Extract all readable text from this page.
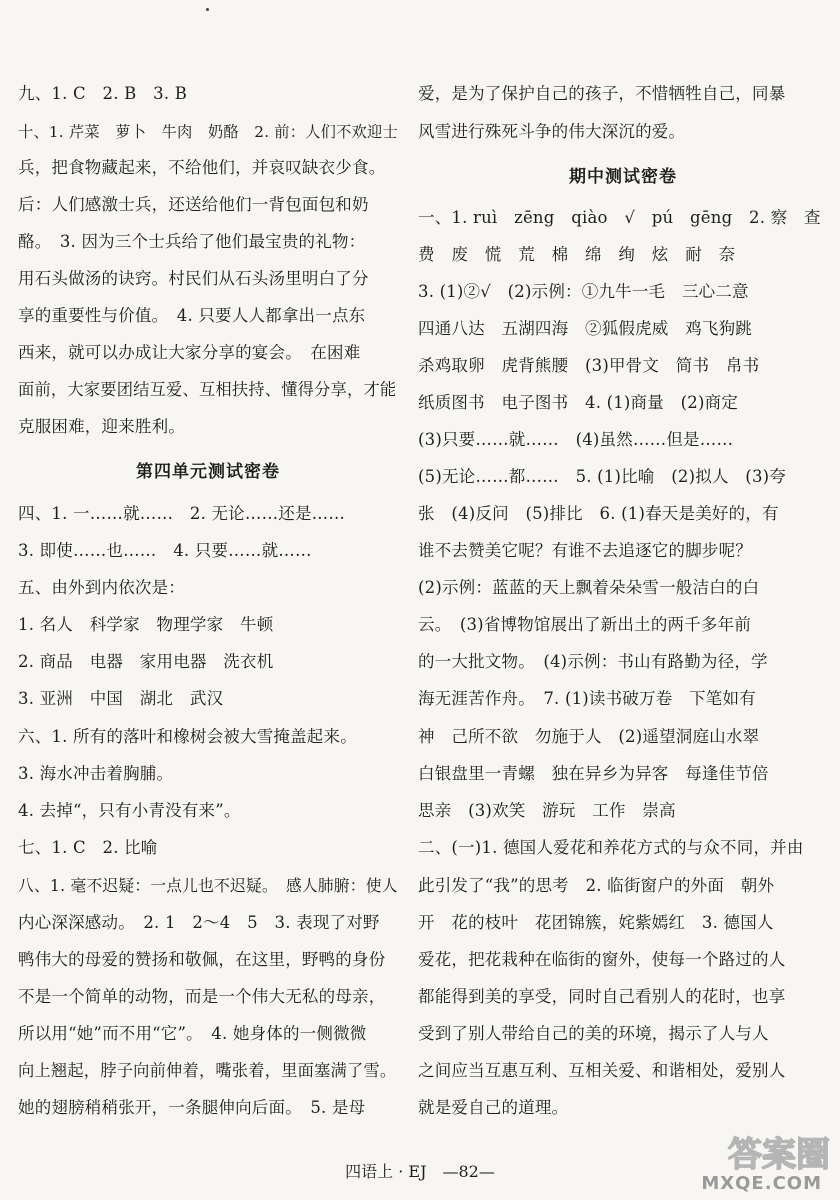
九、1. C　2. B　3. B
十、1. 芹菜　萝卜　牛肉　奶酪　2. 前：人们不欢迎士
兵，把食物藏起来，不给他们，并哀叹缺衣少食。
后：人们感激士兵，还送给他们一背包面包和奶
酪。　3. 因为三个士兵给了他们最宝贵的礼物：
用石头做汤的诀窍。村民们从石头汤里明白了分
享的重要性与价值。　4. 只要人人都拿出一点东
西来，就可以办成让大家分享的宴会。　在困难
面前，大家要团结互爱、互相扶持、懂得分享，才能
克服困难，迎来胜利。
第四单元测试密卷
四、1. 一……就……　2. 无论……还是……
3. 即使……也……　4. 只要……就……
五、由外到内依次是：
1. 名人　科学家　物理学家　牛顿
2. 商品　电器　家用电器　洗衣机
3. 亚洲　中国　湖北　武汉
六、1. 所有的落叶和橡树会被大雪掩盖起来。
3. 海水冲击着胸脯。
4. 去掉“，只有小青没有来”。
七、1. C　2. 比喻
八、1. 毫不迟疑：一点儿也不迟疑。　感人肺腑：使人
内心深深感动。　2. 1　2～4　5　3. 表现了对野
鸭伟大的母爱的赞扬和敬佩，在这里，野鸭的身份
不是一个简单的动物，而是一个伟大无私的母亲，
所以用“她”而不用“它”。　4. 她身体的一侧微微
向上翘起，脖子向前伸着，嘴张着，里面塞满了雪。
她的翅膀稍稍张开，一条腿伸向后面。　5. 是母
爱，是为了保护自己的孩子，不惜牺牲自己，同暴
风雪进行殊死斗争的伟大深沉的爱。
期中测试密卷
一、1. ruì　zēng　qiào　√　pú　gēng　2. 察　查
费　废　慌　荒　棉　绵　绚　炫　耐　奈
3. (1)②√　(2)示例：①九牛一毛　三心二意
四通八达　五湖四海　②狐假虎威　鸡飞狗跳
杀鸡取卵　虎背熊腰　(3)甲骨文　简书　帛书
纸质图书　电子图书　4. (1)商量　(2)商定
(3)只要……就……　(4)虽然……但是……
(5)无论……都……　5. (1)比喻　(2)拟人　(3)夸
张　(4)反问　(5)排比　6. (1)春天是美好的，有
谁不去赞美它呢？有谁不去追逐它的脚步呢？
(2)示例：蓝蓝的天上飘着朵朵雪一般洁白的白
云。　(3)省博物馆展出了新出土的两千多年前
的一大批文物。　(4)示例：书山有路勤为径，学
海无涯苦作舟。　7. (1)读书破万卷　下笔如有
神　己所不欲　勿施于人　(2)遥望洞庭山水翠
白银盘里一青螺　独在异乡为异客　每逢佳节倍
思亲　(3)欢笑　游玩　工作　崇高
二、(一)1. 德国人爱花和养花方式的与众不同，并由
此引发了“我”的思考　2. 临街窗户的外面　朝外
开　花的枝叶　花团锦簇，姹紫嫣红　3. 德国人
爱花，把花栽种在临街的窗外，使每一个路过的人
都能得到美的享受，同时自己看别人的花时，也享
受到了别人带给自己的美的环境，揭示了人与人
之间应当互惠互利、互相关爱、和谐相处，爱别人
就是爱自己的道理。
四语上 · EJ　—82—	答案圈
MXQE.COM
